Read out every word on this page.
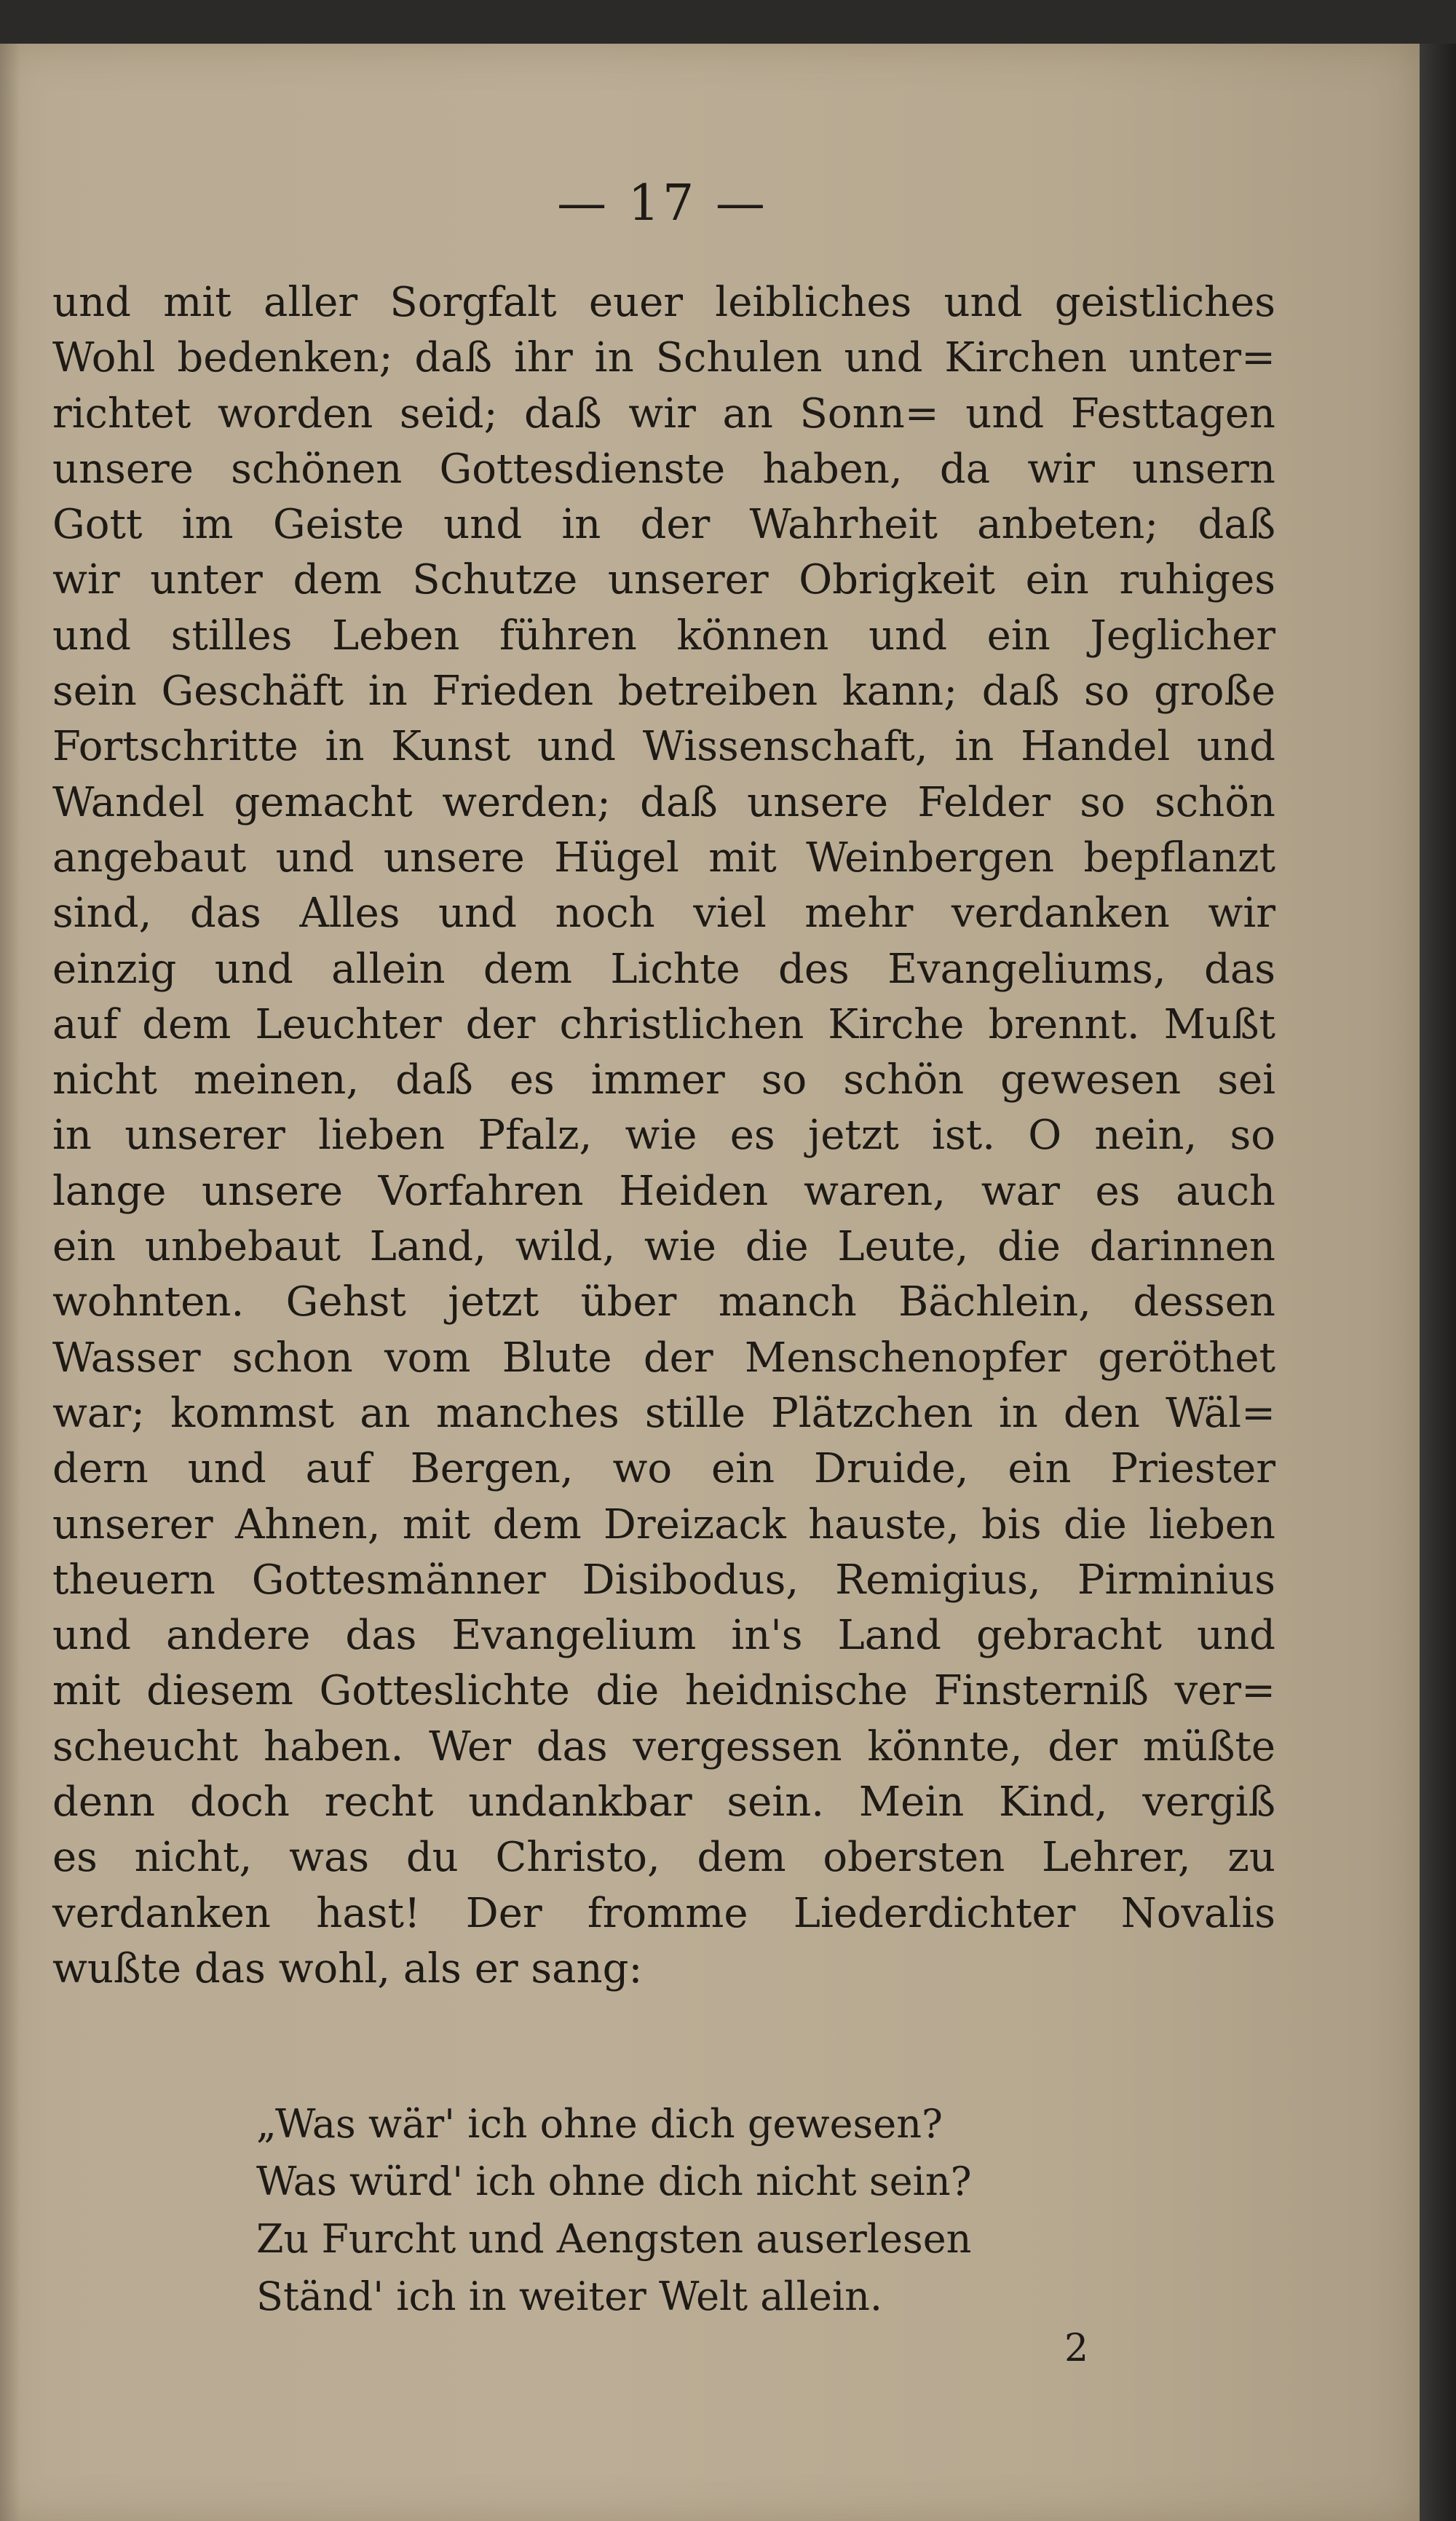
— 17 —
und mit aller Sorgfalt euer leibliches und geistliches
Wohl bedenken; daß ihr in Schulen und Kirchen unter=
richtet worden seid; daß wir an Sonn= und Festtagen
unsere schönen Gottesdienste haben, da wir unsern
Gott im Geiste und in der Wahrheit anbeten; daß
wir unter dem Schutze unserer Obrigkeit ein ruhiges
und stilles Leben führen können und ein Jeglicher
sein Geschäft in Frieden betreiben kann; daß so große
Fortschritte in Kunst und Wissenschaft, in Handel und
Wandel gemacht werden; daß unsere Felder so schön
angebaut und unsere Hügel mit Weinbergen bepflanzt
sind, das Alles und noch viel mehr verdanken wir
einzig und allein dem Lichte des Evangeliums, das
auf dem Leuchter der christlichen Kirche brennt. Mußt
nicht meinen, daß es immer so schön gewesen sei
in unserer lieben Pfalz, wie es jetzt ist. O nein, so
lange unsere Vorfahren Heiden waren, war es auch
ein unbebaut Land, wild, wie die Leute, die darinnen
wohnten. Gehst jetzt über manch Bächlein, dessen
Wasser schon vom Blute der Menschenopfer geröthet
war; kommst an manches stille Plätzchen in den Wäl=
dern und auf Bergen, wo ein Druide, ein Priester
unserer Ahnen, mit dem Dreizack hauste, bis die lieben
theuern Gottesmänner Disibodus, Remigius, Pirminius
und andere das Evangelium in's Land gebracht und
mit diesem Gotteslichte die heidnische Finsterniß ver=
scheucht haben. Wer das vergessen könnte, der müßte
denn doch recht undankbar sein. Mein Kind, vergiß
es nicht, was du Christo, dem obersten Lehrer, zu
verdanken hast! Der fromme Liederdichter Novalis
wußte das wohl, als er sang:
„Was wär' ich ohne dich gewesen?
Was würd' ich ohne dich nicht sein?
Zu Furcht und Aengsten auserlesen
Ständ' ich in weiter Welt allein.
2
